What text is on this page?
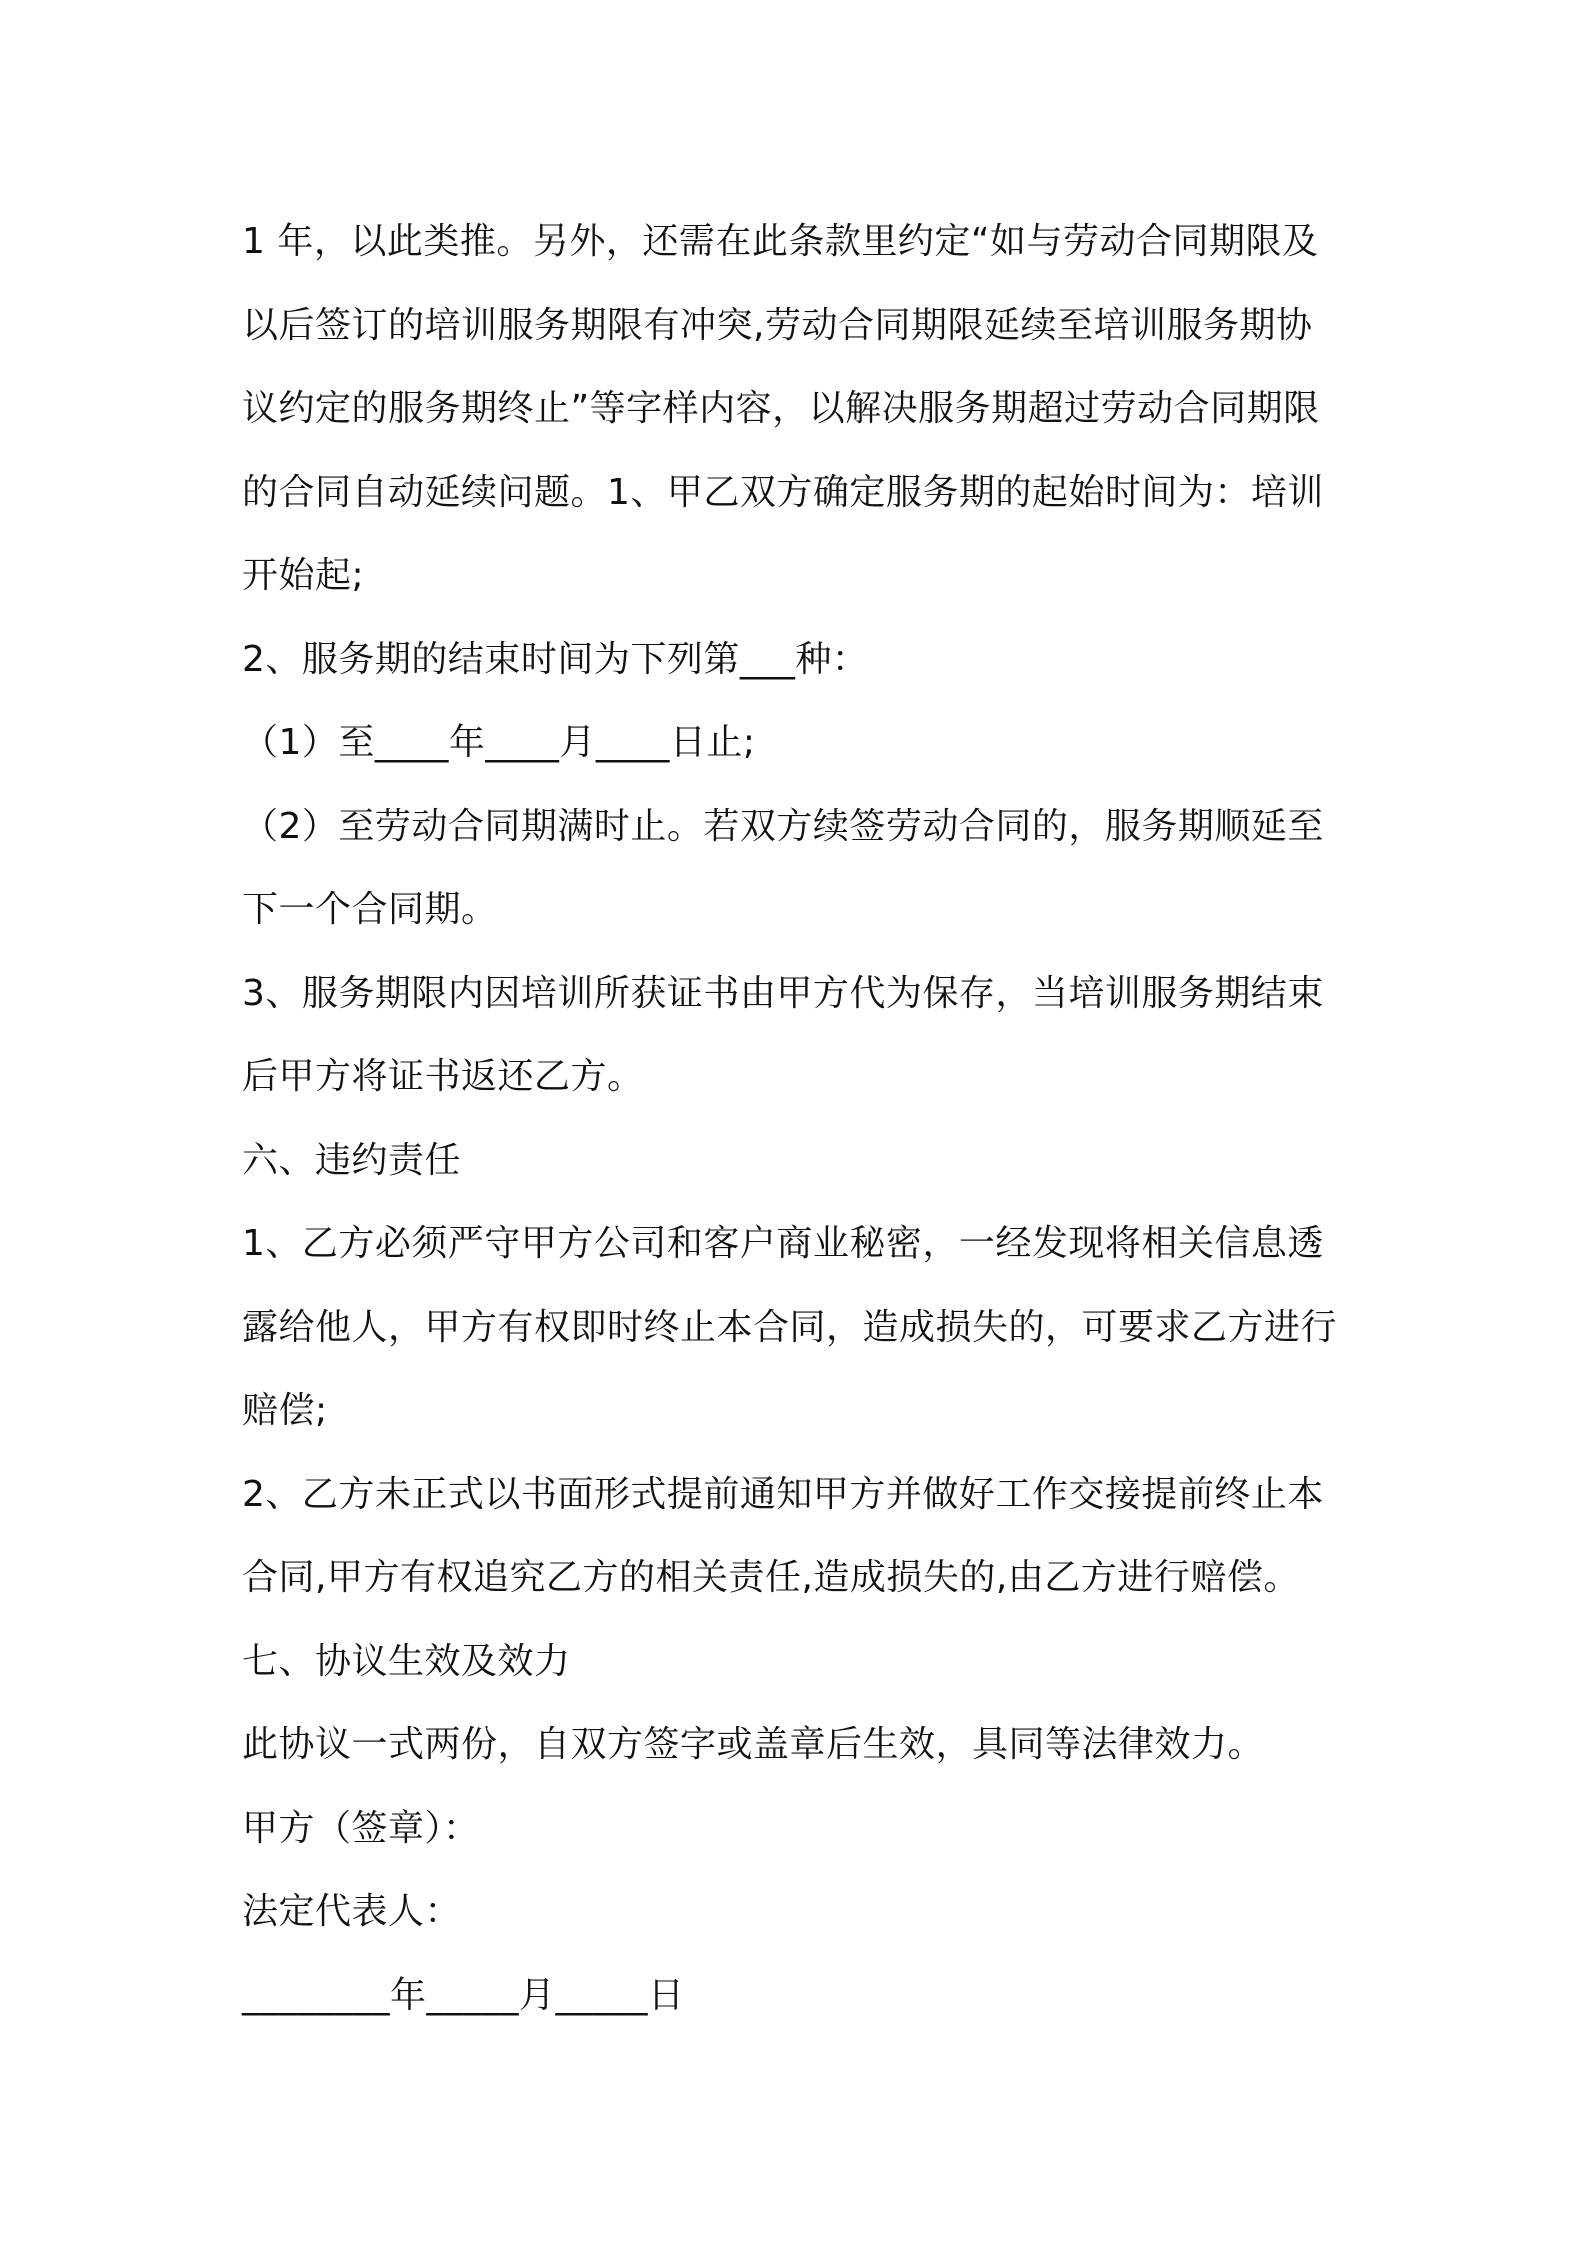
1 年，以此类推。另外，还需在此条款里约定“如与劳动合同期限及
以后签订的培训服务期限有冲突,劳动合同期限延续至培训服务期协
议约定的服务期终止”等字样内容，以解决服务期超过劳动合同期限
的合同自动延续问题。1、甲乙双方确定服务期的起始时间为：培训
开始起;
2、服务期的结束时间为下列第___种：
（1）至____年____月____日止;
（2）至劳动合同期满时止。若双方续签劳动合同的，服务期顺延至
下一个合同期。
3、服务期限内因培训所获证书由甲方代为保存，当培训服务期结束
后甲方将证书返还乙方。
六、违约责任
1、乙方必须严守甲方公司和客户商业秘密，一经发现将相关信息透
露给他人，甲方有权即时终止本合同，造成损失的，可要求乙方进行
赔偿;
2、乙方未正式以书面形式提前通知甲方并做好工作交接提前终止本
合同,甲方有权追究乙方的相关责任,造成损失的,由乙方进行赔偿。
七、协议生效及效力
此协议一式两份，自双方签字或盖章后生效，具同等法律效力。
甲方（签章）：
法定代表人：
________年_____月_____日
